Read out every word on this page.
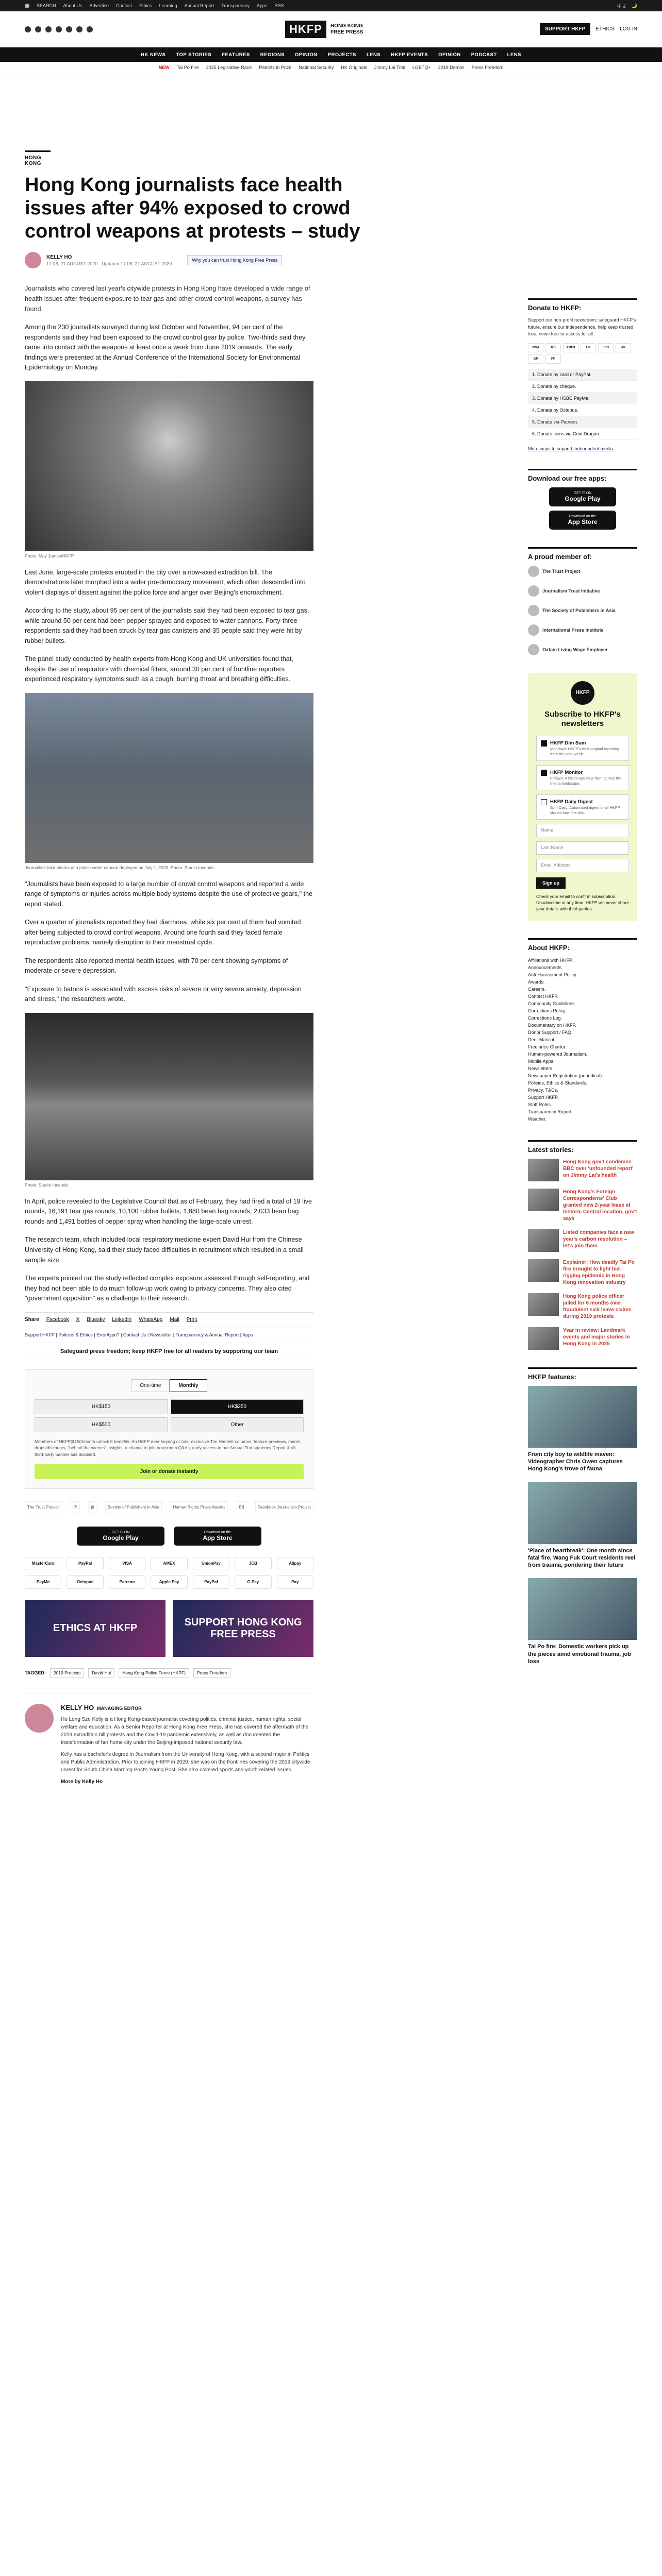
SEARCH About Us Advertise Contact Ethics Learning Annual Report Transparency Apps RSS	中文 🌙
HKFP	HONG KONG FREE PRESS	SUPPORT HKFP	ETHICS LOG IN
HK NEWS TOP STORIES FEATURES REGIONS OPINION PROJECTS LENS HKFP EVENTS OPINION PODCAST LENS
NEW Tai Po Fire 2025 Legislative Race Patriots in Prize National Security HK Originals Jimmy Lai Trial LGBTQ+ 2019 Demos Press Freedom
HONG KONG
Hong Kong journalists face health issues after 94% exposed to crowd control weapons at protests – study
KELLY HO
17:08, 21 AUGUST 2020 · Updated 17:08, 21 AUGUST 2020
Why you can trust Hong Kong Free Press

Journalists who covered last year's citywide protests in Hong Kong have developed a wide range of health issues after frequent exposure to tear gas and other crowd control weapons, a survey has found.

Among the 230 journalists surveyed during last October and November, 94 per cent of the respondents said they had been exposed to the crowd control gear by police. Two-thirds said they came into contact with the weapons at least once a week from June 2019 onwards. The early findings were presented at the Annual Conference of the International Society for Environmental Epidemiology on Monday.

Photo: May James/HKFP.

Last June, large-scale protests erupted in the city over a now-axed extradition bill. The demonstrations later morphed into a wider pro-democracy movement, which often descended into violent displays of dissent against the police force and anger over Beijing's encroachment.

According to the study, about 95 per cent of the journalists said they had been exposed to tear gas, while around 50 per cent had been pepper sprayed and exposed to water cannons. Forty-three respondents said they had been struck by tear gas canisters and 35 people said they were hit by rubber bullets.

The panel study conducted by health experts from Hong Kong and UK universities found that, despite the use of respirators with chemical filters, around 30 per cent of frontline reporters experienced respiratory symptoms such as a cough, burning throat and breathing difficulties.

Journalists take photos of a police water cannon deployed on July 1, 2020. Photo: Studio Incendo.

"Journalists have been exposed to a large number of crowd control weapons and reported a wide range of symptoms or injuries across multiple body systems despite the use of protective gears," the report stated.

Over a quarter of journalists reported they had diarrhoea, while six per cent of them had vomited after being subjected to crowd control weapons. Around one fourth said they faced female reproductive problems, namely disruption to their menstrual cycle.

The respondents also reported mental health issues, with 70 per cent showing symptoms of moderate or severe depression.

"Exposure to batons is associated with excess risks of severe or very severe anxiety, depression and stress," the researchers wrote.

Photo: Studio Incendo.

In April, police revealed to the Legislative Council that as of February, they had fired a total of 19 live rounds, 16,191 tear gas rounds, 10,100 rubber bullets, 1,880 bean bag rounds, 2,033 bean bag rounds and 1,491 bottles of pepper spray when handling the large-scale unrest.

The research team, which included local respiratory medicine expert David Hui from the Chinese University of Hong Kong, said their study faced difficulties in recruitment which resulted in a small sample size.

The experts pointed out the study reflected complex exposure assessed through self-reporting, and they had not been able to do much follow-up work owing to privacy concerns. They also cited "government opposition" as a challenge to their research.

Share Facebook X Bluesky LinkedIn WhatsApp Mail Print
Support HKFP | Policies & Ethics | Error/typo? | Contact Us | Newsletter | Transparency & Annual Report | Apps
Safeguard press freedom; keep HKFP free for all readers by supporting our team
One-time	Monthly
HK$150	HK$250
HK$500	Other
Members of HKFP($150/month unlock 8 benefits: An HKFP deer keyring or tote, exclusive Tim Hamlett columns, feature previews, merch drops/discounts, "behind the scenes" insights, a chance to join newsroom Q&As, early access to our Annual Transparency Report & all third-party banner ads disabled.
Join or donate instantly
The Trust Project	IPI	jti	Society of Publishers in Asia	Human Rights Press Awards	Ed	Facebook Journalism Project
GET IT ON
Google Play
Download on the
App Store
MasterCard	PayPal	VISA	AMEX	UnionPay	JCB	Alipay
PayMe	Octopus	Patreon	Apple Pay	PayPal	G Pay	Pay
ETHICS AT HKFP
SUPPORT HONG KONG FREE PRESS
TAGGED:	2019 Protests	David Hui	Hong Kong Police Force (HKPF)	Press Freedom
KELLY HO MANAGING EDITOR

Ho Long Sze Kelly is a Hong Kong-based journalist covering politics, criminal justice, human rights, social welfare and education. As a Senior Reporter at Hong Kong Free Press, she has covered the aftermath of the 2019 extradition bill protests and the Covid-19 pandemic extensively, as well as documented the transformation of her home city under the Beijing-imposed national security law.

Kelly has a bachelor's degree in Journalism from the University of Hong Kong, with a second major in Politics and Public Administration. Prior to joining HKFP in 2020, she was on the frontlines covering the 2019 citywide unrest for South China Morning Post's Young Post. She also covered sports and youth-related issues.

More by Kelly Ho
Donate to HKFP:
Support our non-profit newsroom; safeguard HKFP's future, ensure our independence, help keep trusted local news free-to-access for all.
VISA	MC	AMEX	UP	JCB	AP
GP	PP
1. Donate by card or PayPal.
2. Donate by cheque.
3. Donate by HSBC PayMe.
4. Donate by Octopus.
5. Donate via Patreon.
6. Donate coins via Coin Dragon.
More ways to support independent media.
Download our free apps:
GET IT ON
Google Play
Download on the
App Store
A proud member of:
The Trust Project
Journalism Trust Initiative
The Society of Publishers in Asia
International Press Institute
Oxfam Living Wage Employer
HKFP
Subscribe to HKFP's newsletters
HKFP Dim Sum
Mondays: HKFP's best original reporting from the past week.
HKFP Monitor
Fridays: A bird's-eye view from across the media landscape.
HKFP Daily Digest
5pm Daily: Automated digest of all HKFP stories from the day.
Name
Last Name
Email Address
Sign up
Check your email to confirm subscription. Unsubscribe at any time. HKFP will never share your details with third parties.
About HKFP:
Affiliations with HKFP.
Announcements.
Anti-Harassment Policy.
Awards.
Careers.
Contact HKFP.
Community Guidelines.
Corrections Policy.
Corrections Log.
Documentary on HKFP.
Donor Support / FAQ.
Deer Mascot.
Freelance Charter.
Human-powered Journalism.
Mobile Apps.
Newsletters.
Newspaper Registration (periodical).
Policies, Ethics & Standards.
Privacy, T&Cs.
Support HKFP.
Staff Roles.
Transparency Report.
Weather.
Latest stories:
Hong Kong gov't condemns BBC over 'unfounded report' on Jimmy Lai's health
Hong Kong's Foreign Correspondents' Club granted new 2-year lease at historic Central location, gov't says
Listed companies face a new year's carbon resolution – let's join them
Explainer: How deadly Tai Po fire brought to light bid-rigging epidemic in Hong Kong renovation industry
Hong Kong police officer jailed for 6 months over fraudulent sick leave claims during 2019 protests
Year in review: Landmark events and major stories in Hong Kong in 2025
HKFP features:
From city boy to wildlife maven: Videographer Chris Owen captures Hong Kong's trove of fauna
'Place of heartbreak': One month since fatal fire, Wang Fuk Court residents reel from trauma, pondering their future
Tai Po fire: Domestic workers pick up the pieces amid emotional trauma, job loss
